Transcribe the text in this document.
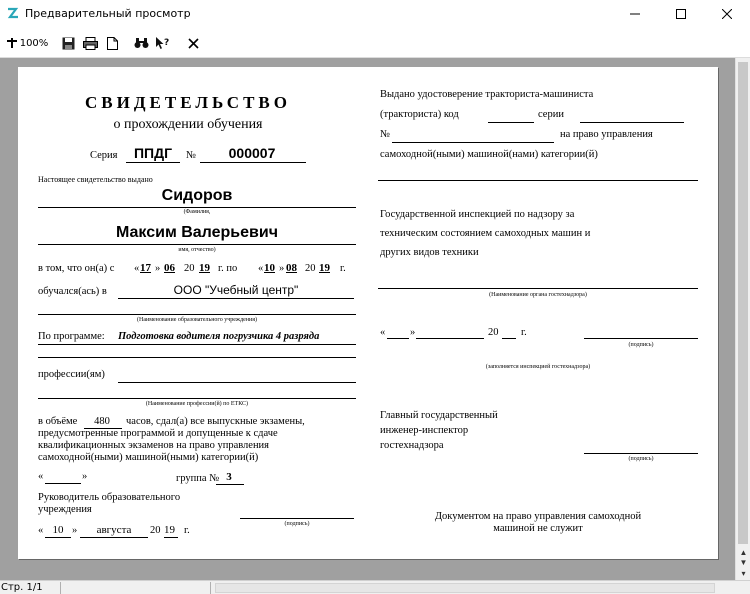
Предварительный просмотр
100%	?
СВИДЕТЕЛЬСТВО
о прохождении обучения
Серия	ППДГ	№	000007
Настоящее свидетельство выдано
Сидоров
(Фамилия,
Максим Валерьевич
имя, отчество)
в том, что он(а) с « 17 » 06 20 19 г. по « 10 » 08 20 19 г.
обучался(ась) в	ООО "Учебный центр"
(Наименование образовательного учреждения)
По программе: Подготовка водителя погрузчика 4 разряда
профессии(ям)
(Наименование профессии(й) по ЕТКС)
в объёме	480	часов, сдал(а) все выпускные экзамены,
предусмотренные программой и допущенные к сдаче
квалификационных экзаменов на право управления
самоходной(ными) машиной(ными) категории(й)
«	»	группа № 3
Руководитель образовательного
учреждения
(подпись)
« 10 »	августа	20 19 г.
Выдано удостоверение тракториста-машиниста
(тракториста) код	серии
№	на право управления
самоходной(ными) машиной(нами) категории(й)
Государственной инспекцией по надзору за
техническим состоянием самоходных машин и
других видов техники
(Наименование органа гостехнадзора)
« »	20 г.
(подпись)
(заполняется инспекцией гостехнадзора)
Главный государственный
инженер-инспектор
гостехнадзора
(подпись)
Документом на право управления самоходной
машиной не служит
▲
▼
▾
Стр. 1/1
